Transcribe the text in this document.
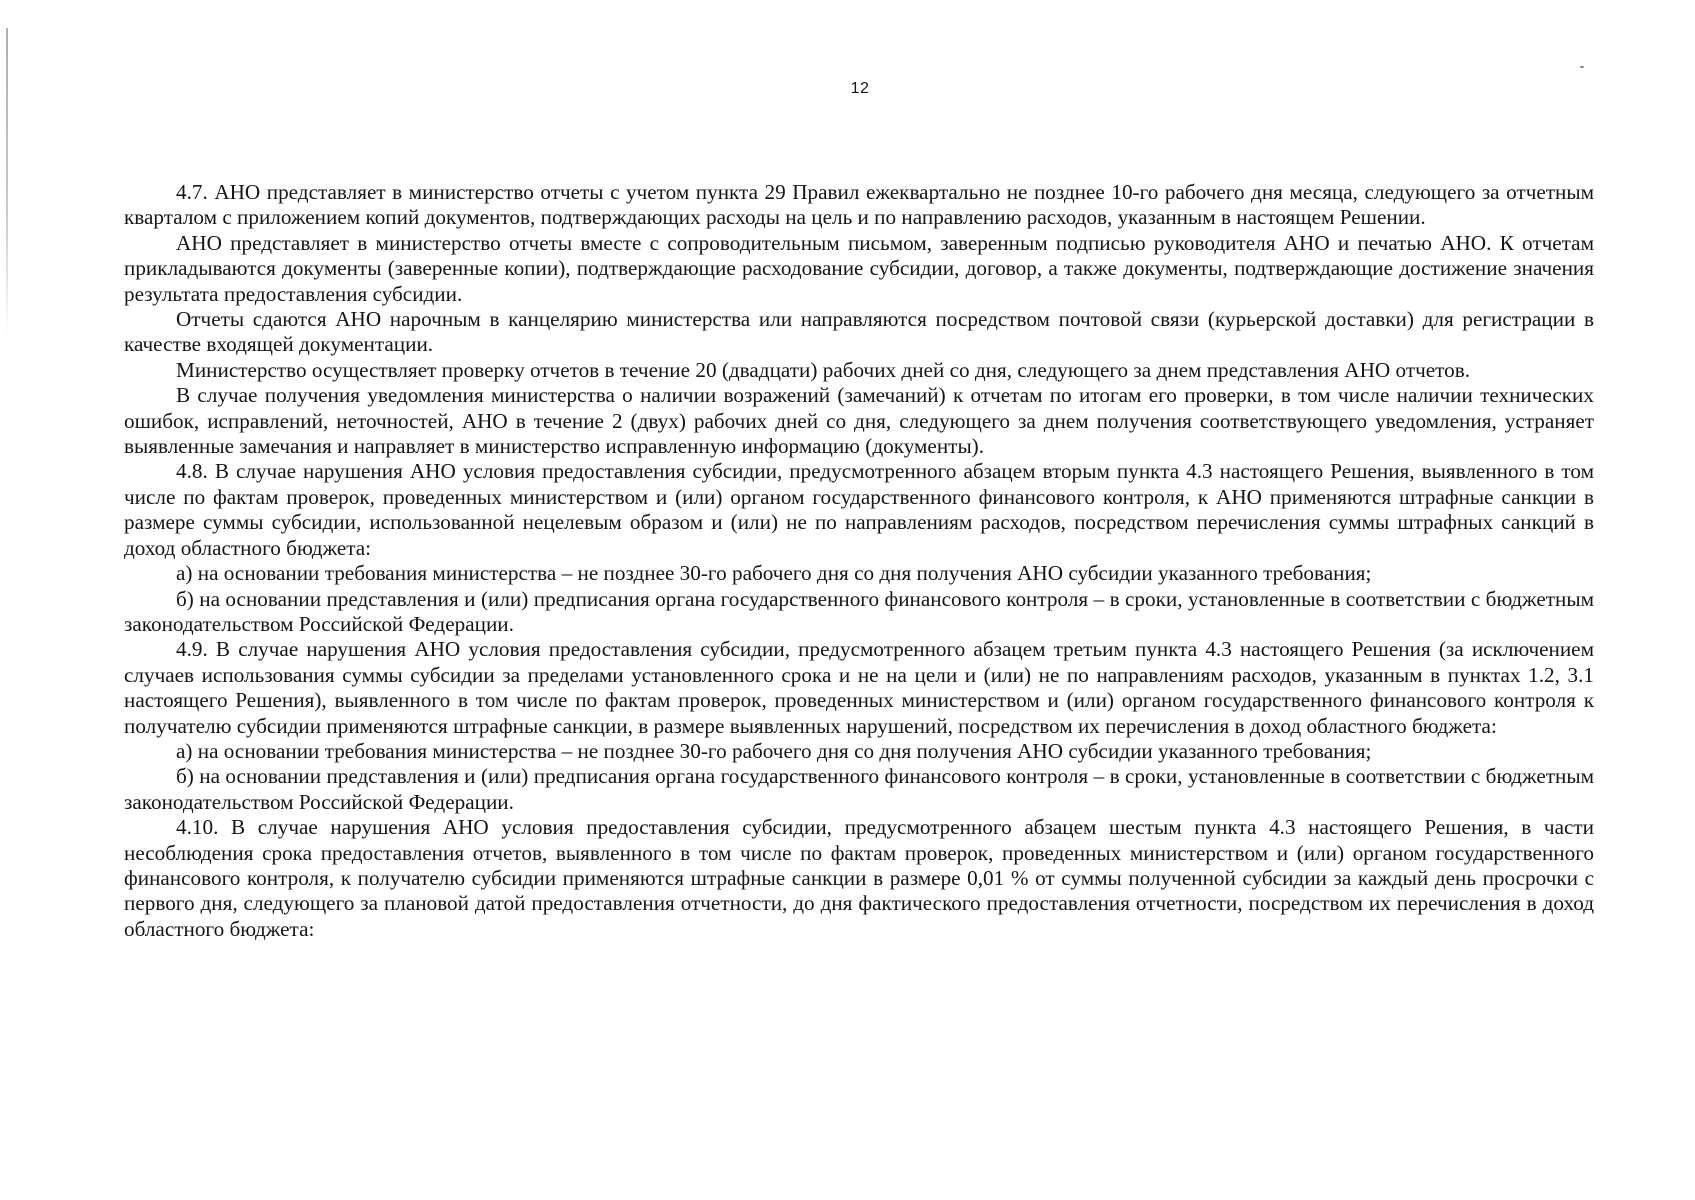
12

4.7. АНО представляет в министерство отчеты с учетом пункта 29 Правил ежеквартально не позднее 10-го рабочего дня месяца, следующего за отчетным кварталом с приложением копий документов, подтверждающих расходы на цель и по направлению расходов, указанным в настоящем Решении.

АНО представляет в министерство отчеты вместе с сопроводительным письмом, заверенным подписью руководителя АНО и печатью АНО. К отчетам прикладываются документы (заверенные копии), подтверждающие расходование субсидии, договор, а также документы, подтверждающие достижение значения результата предоставления субсидии.

Отчеты сдаются АНО нарочным в канцелярию министерства или направляются посредством почтовой связи (курьерской доставки) для регистрации в качестве входящей документации.

Министерство осуществляет проверку отчетов в течение 20 (двадцати) рабочих дней со дня, следующего за днем представления АНО отчетов.

В случае получения уведомления министерства о наличии возражений (замечаний) к отчетам по итогам его проверки, в том числе наличии технических ошибок, исправлений, неточностей, АНО в течение 2 (двух) рабочих дней со дня, следующего за днем получения соответствующего уведомления, устраняет выявленные замечания и направляет в министерство исправленную информацию (документы).

4.8. В случае нарушения АНО условия предоставления субсидии, предусмотренного абзацем вторым пункта 4.3 настоящего Решения, выявленного в том числе по фактам проверок, проведенных министерством и (или) органом государственного финансового контроля, к АНО применяются штрафные санкции в размере суммы субсидии, использованной нецелевым образом и (или) не по направлениям расходов, посредством перечисления суммы штрафных санкций в доход областного бюджета:

а) на основании требования министерства – не позднее 30-го рабочего дня со дня получения АНО субсидии указанного требования;

б) на основании представления и (или) предписания органа государственного финансового контроля – в сроки, установленные в соответствии с бюджетным законодательством Российской Федерации.

4.9. В случае нарушения АНО условия предоставления субсидии, предусмотренного абзацем третьим пункта 4.3 настоящего Решения (за исключением случаев использования суммы субсидии за пределами установленного срока и не на цели и (или) не по направлениям расходов, указанным в пунктах 1.2, 3.1 настоящего Решения), выявленного в том числе по фактам проверок, проведенных министерством и (или) органом государственного финансового контроля к получателю субсидии применяются штрафные санкции, в размере выявленных нарушений, посредством их перечисления в доход областного бюджета:

а) на основании требования министерства – не позднее 30-го рабочего дня со дня получения АНО субсидии указанного требования;

б) на основании представления и (или) предписания органа государственного финансового контроля – в сроки, установленные в соответствии с бюджетным законодательством Российской Федерации.

4.10. В случае нарушения АНО условия предоставления субсидии, предусмотренного абзацем шестым пункта 4.3 настоящего Решения, в части несоблюдения срока предоставления отчетов, выявленного в том числе по фактам проверок, проведенных министерством и (или) органом государственного финансового контроля, к получателю субсидии применяются штрафные санкции в размере 0,01 % от суммы полученной субсидии за каждый день просрочки с первого дня, следующего за плановой датой предоставления отчетности, до дня фактического предоставления отчетности, посредством их перечисления в доход областного бюджета:
